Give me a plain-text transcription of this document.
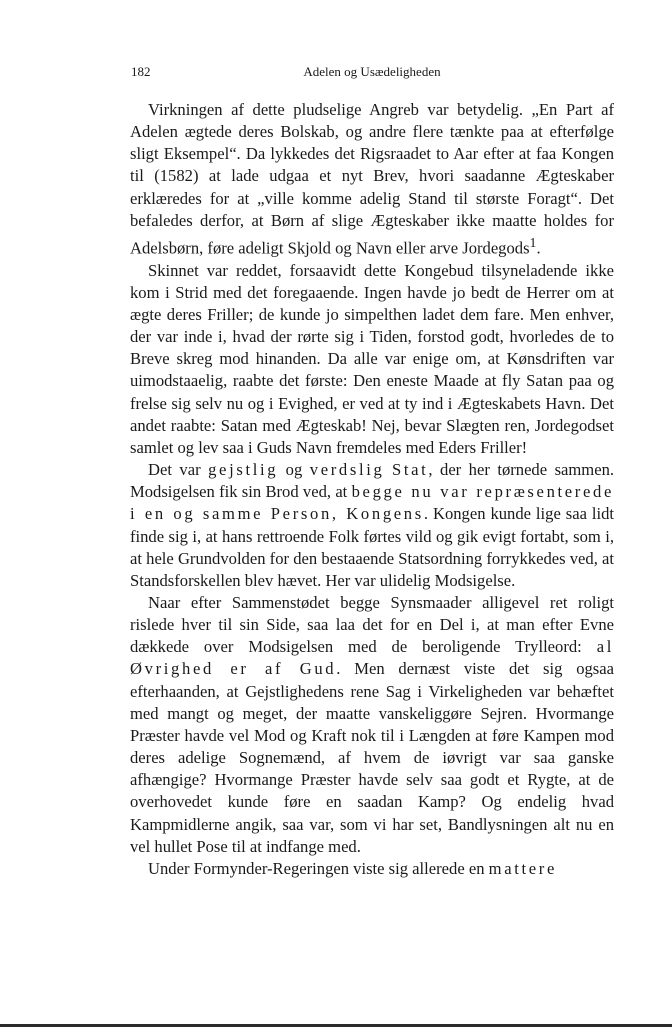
182	Adelen og Usædeligheden

Virkningen af dette pludselige Angreb var betydelig. „En Part af Adelen ægtede deres Bolskab, og andre flere tænkte paa at efterfølge sligt Eksempel“. Da lykkedes det Rigsraadet to Aar efter at faa Kongen til (1582) at lade udgaa et nyt Brev, hvori saadanne Ægteskaber erklæredes for at „ville komme adelig Stand til største Foragt“. Det befaledes derfor, at Børn af slige Ægteskaber ikke maatte holdes for Adelsbørn, føre adeligt Skjold og Navn eller arve Jordegods$^1$.

Skinnet var reddet, forsaavidt dette Kongebud tilsyneladende ikke kom i Strid med det foregaaende. Ingen havde jo bedt de Herrer om at ægte deres Friller; de kunde jo simpelthen ladet dem fare. Men enhver, der var inde i, hvad der rørte sig i Tiden, forstod godt, hvorledes de to Breve skreg mod hinanden. Da alle var enige om, at Kønsdriften var uimodstaaelig, raabte det første: Den eneste Maade at fly Satan paa og frelse sig selv nu og i Evighed, er ved at ty ind i Ægteskabets Havn. Det andet raabte: Satan med Ægteskab! Nej, bevar Slægten ren, Jordegodset samlet og lev saa i Guds Navn fremdeles med Eders Friller!

Det var gejstlig og verdslig Stat, der her tørnede sammen. Modsigelsen fik sin Brod ved, at begge nu var repræsenterede i en og samme Person, Kongens. Kongen kunde lige saa lidt finde sig i, at hans rettroende Folk førtes vild og gik evigt fortabt, som i, at hele Grundvolden for den bestaaende Statsordning forrykkedes ved, at Standsforskellen blev hævet. Her var ulidelig Modsigelse.

Naar efter Sammenstødet begge Synsmaader alligevel ret roligt rislede hver til sin Side, saa laa det for en Del i, at man efter Evne dækkede over Modsigelsen med de beroligende Trylleord: al Øvrighed er af Gud. Men dernæst viste det sig ogsaa efterhaanden, at Gejstlighedens rene Sag i Virkeligheden var behæftet med mangt og meget, der maatte vanskeliggøre Sejren. Hvormange Præster havde vel Mod og Kraft nok til i Længden at føre Kampen mod deres adelige Sognemænd, af hvem de iøvrigt var saa ganske afhængige? Hvormange Præster havde selv saa godt et Rygte, at de overhovedet kunde føre en saadan Kamp? Og endelig hvad Kampmidlerne angik, saa var, som vi har set, Bandlysningen alt nu en vel hullet Pose til at indfange med.

Under Formynder-Regeringen viste sig allerede en mattere
